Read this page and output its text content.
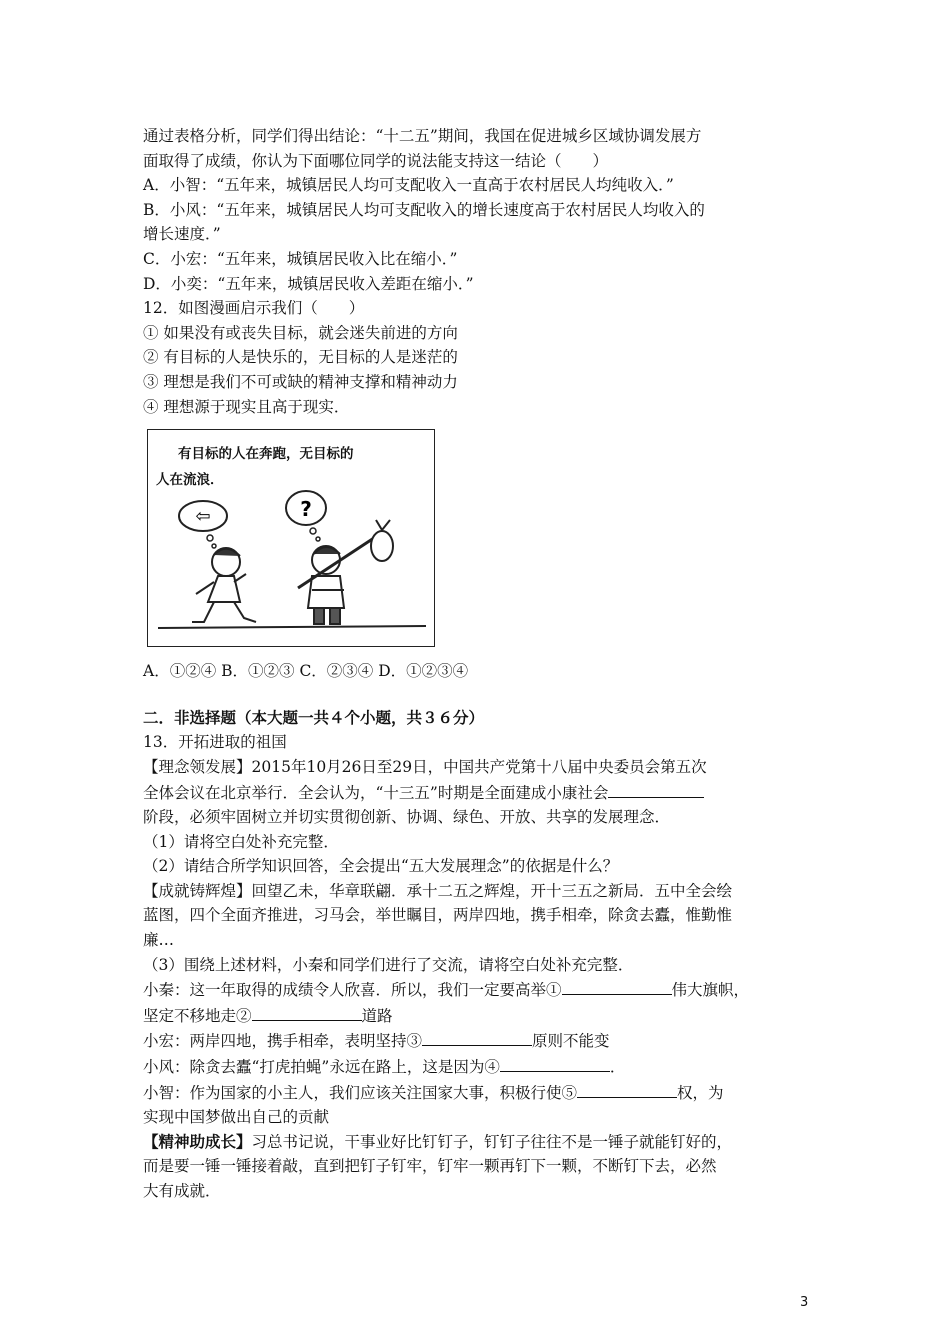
通过表格分析，同学们得出结论：“十二五”期间，我国在促进城乡区域协调发展方
面取得了成绩，你认为下面哪位同学的说法能支持这一结论（　　）
A．小智：“五年来，城镇居民人均可支配收入一直高于农村居民人均纯收入．”
B．小风：“五年来，城镇居民人均可支配收入的增长速度高于农村居民人均收入的
增长速度．”
C．小宏：“五年来，城镇居民收入比在缩小．”
D．小奕：“五年来，城镇居民收入差距在缩小．”
12．如图漫画启示我们（　　）
① 如果没有或丧失目标，就会迷失前进的方向
② 有目标的人是快乐的，无目标的人是迷茫的
③ 理想是我们不可或缺的精神支撑和精神动力
④ 理想源于现实且高于现实．
有目标的人在奔跑，无目标的
人在流浪．
⇦	?
A．①②④ B．①②③ C．②③④ D．①②③④
二．非选择题（本大题一共４个小题，共３６分）
13．开拓进取的祖国
【理念领发展】2015年10月26日至29日，中国共产党第十八届中央委员会第五次
全体会议在北京举行．全会认为，“十三五”时期是全面建成小康社会
阶段，必须牢固树立并切实贯彻创新、协调、绿色、开放、共享的发展理念．
（1）请将空白处补充完整．
（2）请结合所学知识回答，全会提出“五大发展理念”的依据是什么？
【成就铸辉煌】回望乙未，华章联翩．承十二五之辉煌，开十三五之新局．五中全会绘
蓝图，四个全面齐推进，习马会，举世瞩目，两岸四地，携手相牵，除贪去蠹，惟勤惟
廉…
（3）围绕上述材料，小秦和同学们进行了交流，请将空白处补充完整．
小秦：这一年取得的成绩令人欣喜．所以，我们一定要高举①	伟大旗帜，
坚定不移地走②	道路
小宏：两岸四地，携手相牵，表明坚持③	原则不能变
小风：除贪去蠹“打虎拍蝇”永远在路上，这是因为④	．
小智：作为国家的小主人，我们应该关注国家大事，积极行使⑤	权，为
实现中国梦做出自己的贡献
【精神助成长】习总书记说，干事业好比钉钉子，钉钉子往往不是一锤子就能钉好的，
而是要一锤一锤接着敲，直到把钉子钉牢，钉牢一颗再钉下一颗，不断钉下去，必然
大有成就．
3
